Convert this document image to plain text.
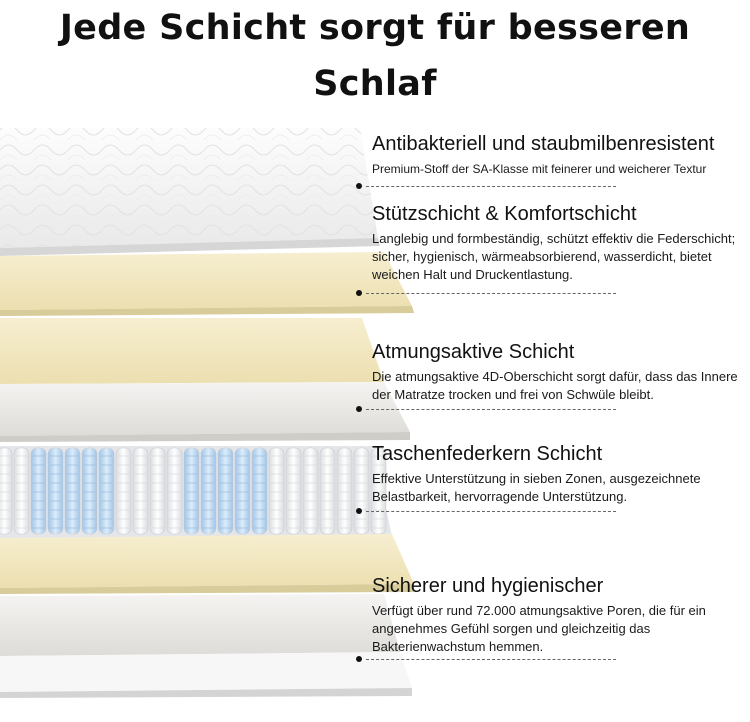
Jede Schicht sorgt für besseren Schlaf
Antibakteriell und staubmilbenresistent

Premium-Stoff der SA-Klasse mit feinerer und weicherer Textur

Stützschicht & Komfortschicht

Langlebig und formbeständig, schützt effektiv die Federschicht; sicher, hygienisch, wärmeabsorbierend, wasserdicht, bietet weichen Halt und Druckentlastung.

Atmungsaktive Schicht

Die atmungsaktive 4D-Oberschicht sorgt dafür, dass das Innere der Matratze trocken und frei von Schwüle bleibt.

Taschenfederkern Schicht

Effektive Unterstützung in sieben Zonen, ausgezeichnete Belastbarkeit, hervorragende Unterstützung.

Sicherer und hygienischer

Verfügt über rund 72.000 atmungsaktive Poren, die für ein angenehmes Gefühl sorgen und gleichzeitig das Bakterienwachstum hemmen.
